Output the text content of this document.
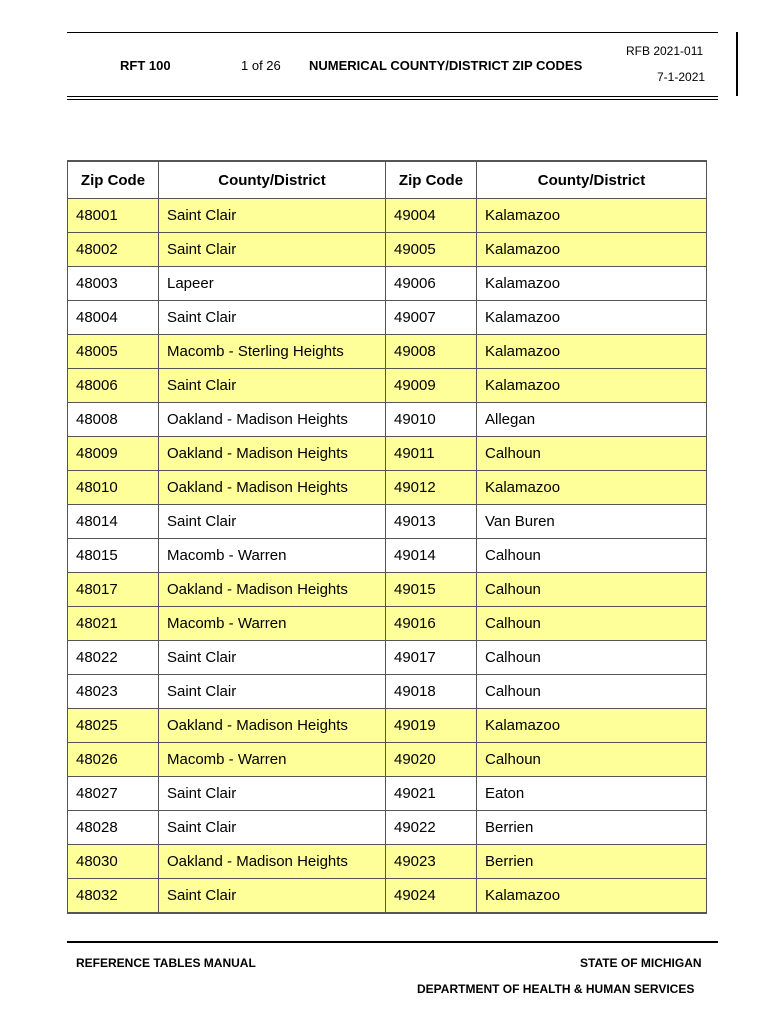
RFT 100	1 of 26 NUMERICAL COUNTY/DISTRICT ZIP CODES
RFB 2021-011
7-1-2021
Zip Code	County/District	Zip Code	County/District
48001	Saint Clair	49004	Kalamazoo
48002	Saint Clair	49005	Kalamazoo
48003	Lapeer	49006	Kalamazoo
48004	Saint Clair	49007	Kalamazoo
48005	Macomb - Sterling Heights	49008	Kalamazoo
48006	Saint Clair	49009	Kalamazoo
48008	Oakland - Madison Heights	49010	Allegan
48009	Oakland - Madison Heights	49011	Calhoun
48010	Oakland - Madison Heights	49012	Kalamazoo
48014	Saint Clair	49013	Van Buren
48015	Macomb - Warren	49014	Calhoun
48017	Oakland - Madison Heights	49015	Calhoun
48021	Macomb - Warren	49016	Calhoun
48022	Saint Clair	49017	Calhoun
48023	Saint Clair	49018	Calhoun
48025	Oakland - Madison Heights	49019	Kalamazoo
48026	Macomb - Warren	49020	Calhoun
48027	Saint Clair	49021	Eaton
48028	Saint Clair	49022	Berrien
48030	Oakland - Madison Heights	49023	Berrien
48032	Saint Clair	49024	Kalamazoo
REFERENCE TABLES MANUAL	STATE OF MICHIGAN
DEPARTMENT OF HEALTH & HUMAN SERVICES
